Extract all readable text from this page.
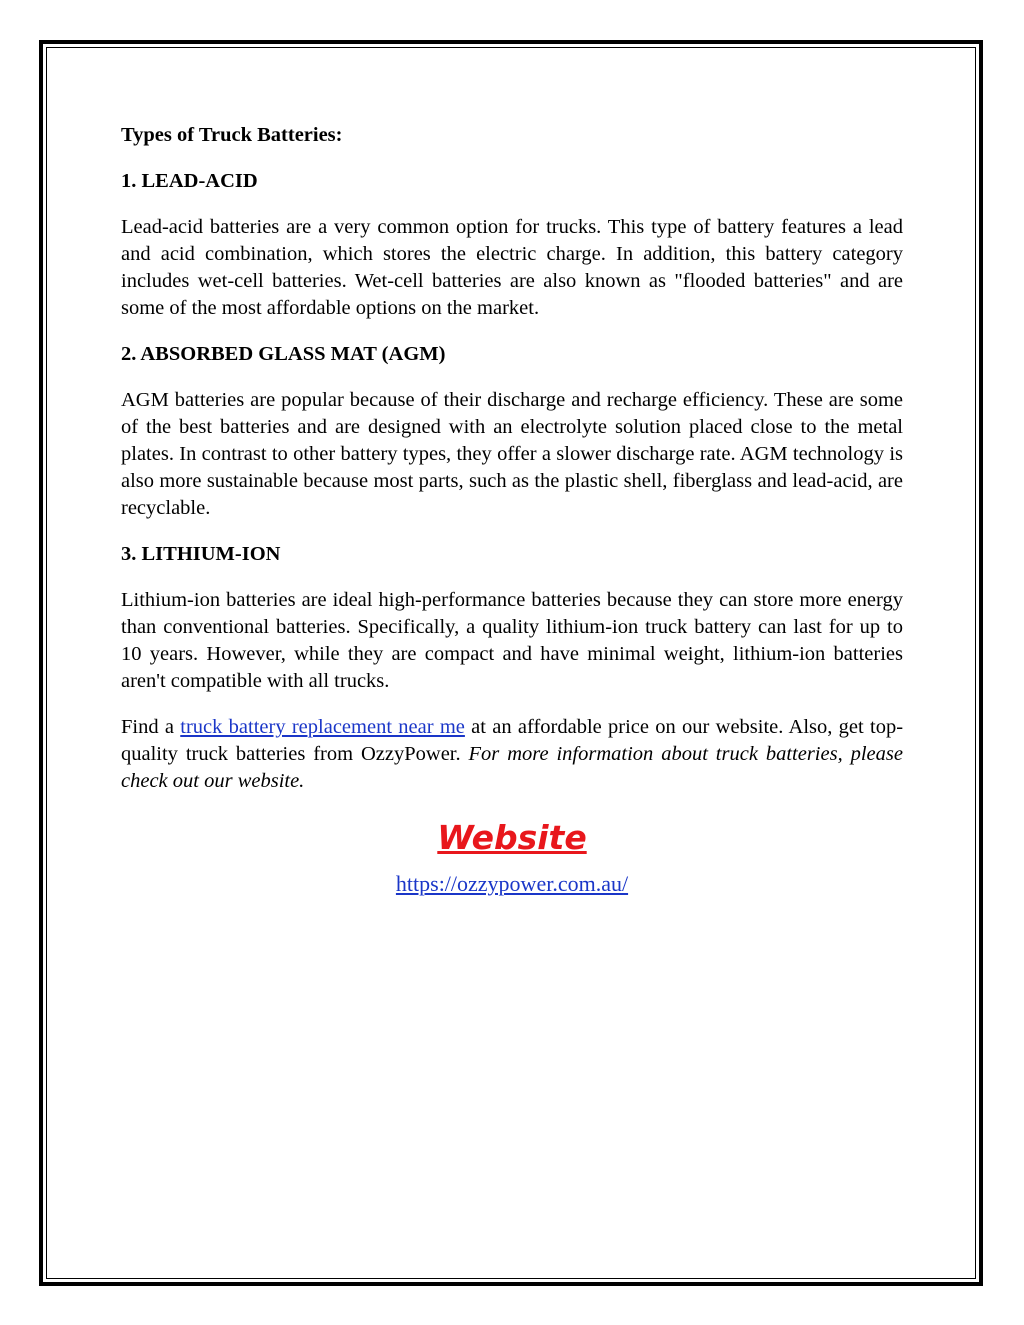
Types of Truck Batteries:
1. LEAD-ACID
Lead-acid batteries are a very common option for trucks. This type of battery features a lead and acid combination, which stores the electric charge. In addition, this battery category includes wet-cell batteries. Wet-cell batteries are also known as "flooded batteries" and are some of the most affordable options on the market.
2. ABSORBED GLASS MAT (AGM)
AGM batteries are popular because of their discharge and recharge efficiency. These are some of the best batteries and are designed with an electrolyte solution placed close to the metal plates. In contrast to other battery types, they offer a slower discharge rate. AGM technology is also more sustainable because most parts, such as the plastic shell, fiberglass and lead-acid, are recyclable.
3. LITHIUM-ION
Lithium-ion batteries are ideal high-performance batteries because they can store more energy than conventional batteries. Specifically, a quality lithium-ion truck battery can last for up to 10 years. However, while they are compact and have minimal weight, lithium-ion batteries aren't compatible with all trucks.
Find a truck battery replacement near me at an affordable price on our website. Also, get top-quality truck batteries from OzzyPower. For more information about truck batteries, please check out our website.
Website
https://ozzypower.com.au/
